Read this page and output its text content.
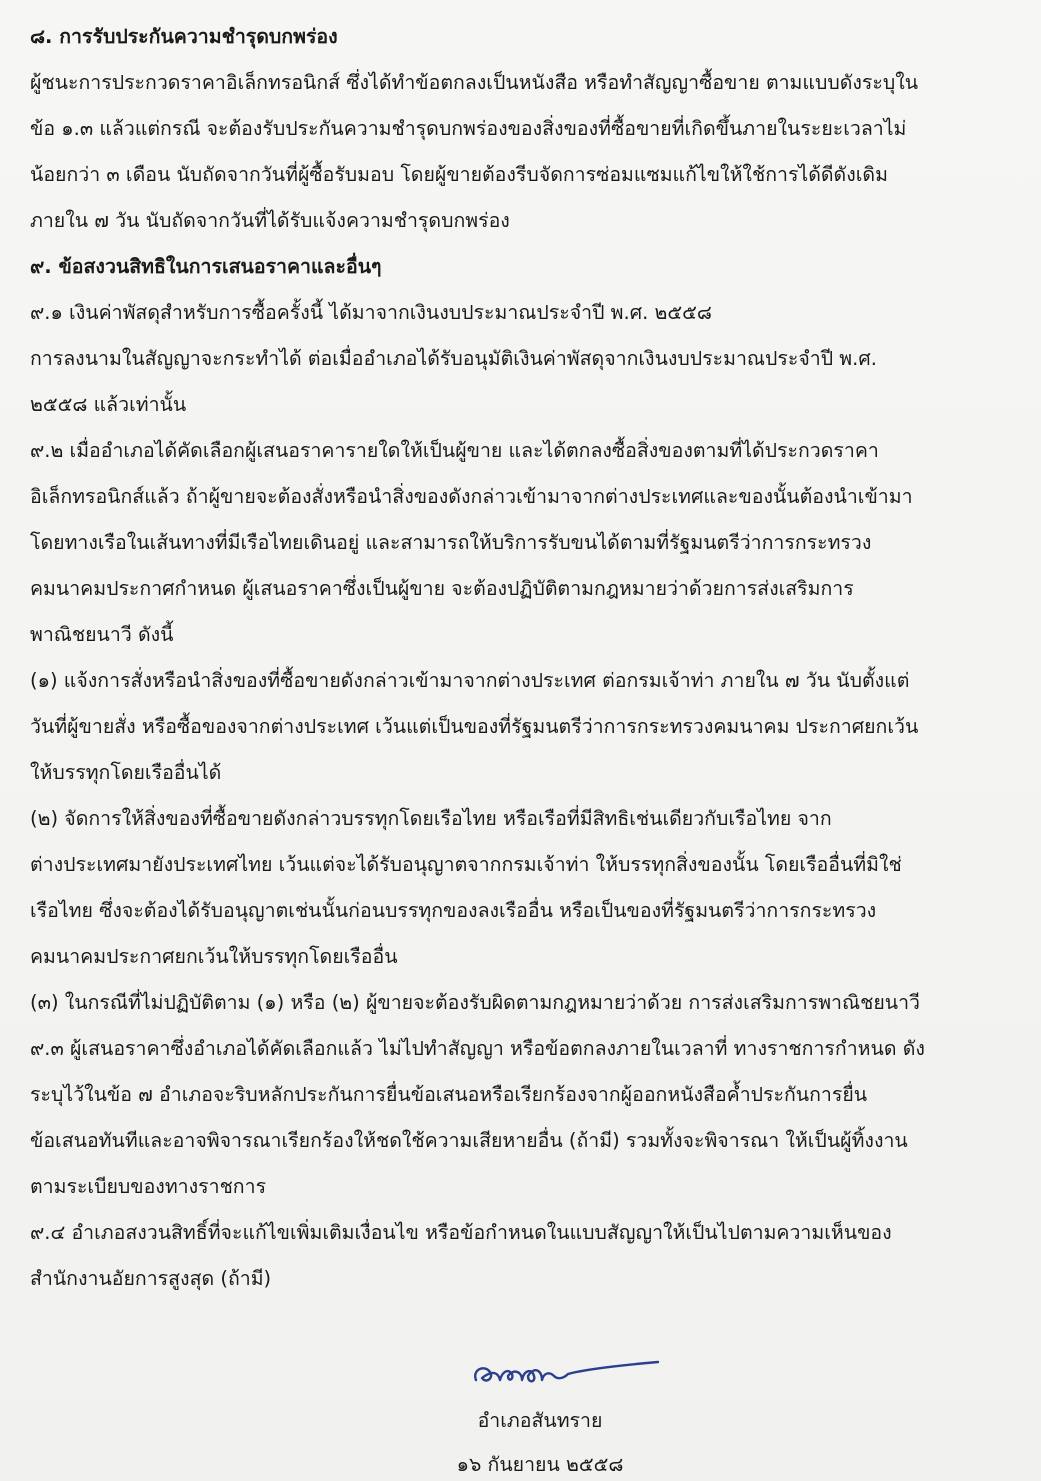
๘. การรับประกันความชำรุดบกพร่อง
ผู้ชนะการประกวดราคาอิเล็กทรอนิกส์ ซึ่งได้ทำข้อตกลงเป็นหนังสือ หรือทำสัญญาซื้อขาย ตามแบบดังระบุใน
ข้อ ๑.๓ แล้วแต่กรณี จะต้องรับประกันความชำรุดบกพร่องของสิ่งของที่ซื้อขายที่เกิดขึ้นภายในระยะเวลาไม่
น้อยกว่า ๓ เดือน นับถัดจากวันที่ผู้ซื้อรับมอบ โดยผู้ขายต้องรีบจัดการซ่อมแซมแก้ไขให้ใช้การได้ดีดังเดิม
ภายใน ๗ วัน นับถัดจากวันที่ได้รับแจ้งความชำรุดบกพร่อง
๙. ข้อสงวนสิทธิในการเสนอราคาและอื่นๆ
๙.๑ เงินค่าพัสดุสำหรับการซื้อครั้งนี้ ได้มาจากเงินงบประมาณประจำปี พ.ศ. ๒๕๕๘
การลงนามในสัญญาจะกระทำได้ ต่อเมื่ออำเภอได้รับอนุมัติเงินค่าพัสดุจากเงินงบประมาณประจำปี พ.ศ.
๒๕๕๘ แล้วเท่านั้น
๙.๒ เมื่ออำเภอได้คัดเลือกผู้เสนอราคารายใดให้เป็นผู้ขาย และได้ตกลงซื้อสิ่งของตามที่ได้ประกวดราคา
อิเล็กทรอนิกส์แล้ว ถ้าผู้ขายจะต้องสั่งหรือนำสิ่งของดังกล่าวเข้ามาจากต่างประเทศและของนั้นต้องนำเข้ามา
โดยทางเรือในเส้นทางที่มีเรือไทยเดินอยู่ และสามารถให้บริการรับขนได้ตามที่รัฐมนตรีว่าการกระทรวง
คมนาคมประกาศกำหนด ผู้เสนอราคาซึ่งเป็นผู้ขาย จะต้องปฏิบัติตามกฎหมายว่าด้วยการส่งเสริมการ
พาณิชยนาวี ดังนี้
(๑) แจ้งการสั่งหรือนำสิ่งของที่ซื้อขายดังกล่าวเข้ามาจากต่างประเทศ ต่อกรมเจ้าท่า ภายใน ๗ วัน นับตั้งแต่
วันที่ผู้ขายสั่ง หรือซื้อของจากต่างประเทศ เว้นแต่เป็นของที่รัฐมนตรีว่าการกระทรวงคมนาคม ประกาศยกเว้น
ให้บรรทุกโดยเรืออื่นได้
(๒) จัดการให้สิ่งของที่ซื้อขายดังกล่าวบรรทุกโดยเรือไทย หรือเรือที่มีสิทธิเช่นเดียวกับเรือไทย จาก
ต่างประเทศมายังประเทศไทย เว้นแต่จะได้รับอนุญาตจากกรมเจ้าท่า ให้บรรทุกสิ่งของนั้น โดยเรืออื่นที่มิใช่
เรือไทย ซึ่งจะต้องได้รับอนุญาตเช่นนั้นก่อนบรรทุกของลงเรืออื่น หรือเป็นของที่รัฐมนตรีว่าการกระทรวง
คมนาคมประกาศยกเว้นให้บรรทุกโดยเรืออื่น
(๓) ในกรณีที่ไม่ปฏิบัติตาม (๑) หรือ (๒) ผู้ขายจะต้องรับผิดตามกฎหมายว่าด้วย การส่งเสริมการพาณิชยนาวี
๙.๓ ผู้เสนอราคาซึ่งอำเภอได้คัดเลือกแล้ว ไม่ไปทำสัญญา หรือข้อตกลงภายในเวลาที่ ทางราชการกำหนด ดัง
ระบุไว้ในข้อ ๗ อำเภอจะริบหลักประกันการยื่นข้อเสนอหรือเรียกร้องจากผู้ออกหนังสือค้ำประกันการยื่น
ข้อเสนอทันทีและอาจพิจารณาเรียกร้องให้ชดใช้ความเสียหายอื่น (ถ้ามี) รวมทั้งจะพิจารณา ให้เป็นผู้ทิ้งงาน
ตามระเบียบของทางราชการ
๙.๔ อำเภอสงวนสิทธิ์ที่จะแก้ไขเพิ่มเติมเงื่อนไข หรือข้อกำหนดในแบบสัญญาให้เป็นไปตามความเห็นของ
สำนักงานอัยการสูงสุด (ถ้ามี)
อำเภอสันทราย
๑๖ กันยายน ๒๕๕๘
